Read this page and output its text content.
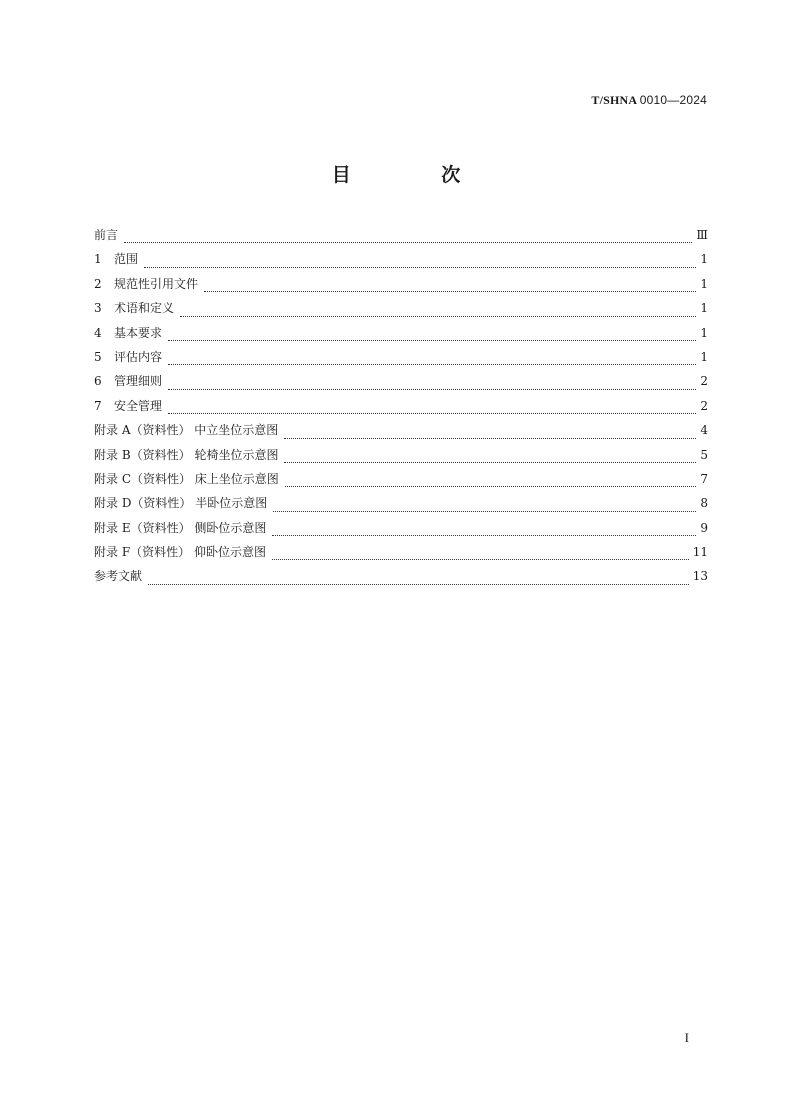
T/SHNA 0010—2024
目 次
前言	Ⅲ
1	范围	1
2	规范性引用文件	1
3	术语和定义	1
4	基本要求	1
5	评估内容	1
6	管理细则	2
7	安全管理	2
附录 A（资料性） 中立坐位示意图	4
附录 B（资料性） 轮椅坐位示意图	5
附录 C（资料性） 床上坐位示意图	7
附录 D（资料性） 半卧位示意图	8
附录 E（资料性） 侧卧位示意图	9
附录 F（资料性） 仰卧位示意图	11
参考文献	13
I
